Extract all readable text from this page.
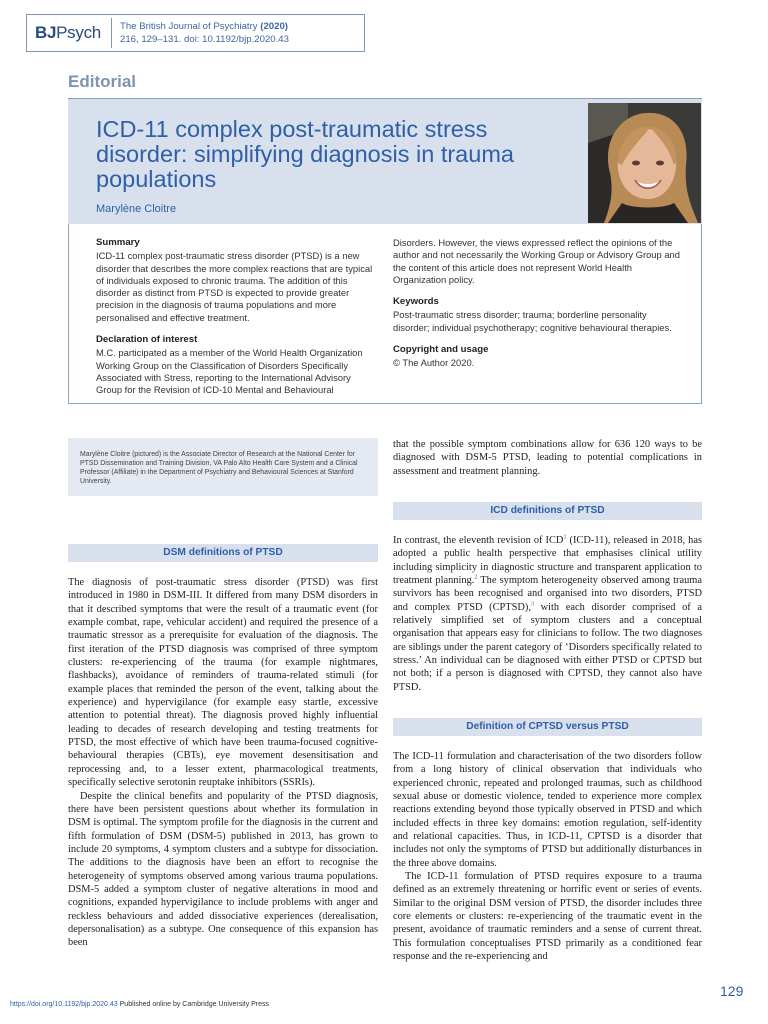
BJPsych	The British Journal of Psychiatry (2020)
216, 129–131. doi: 10.1192/bjp.2020.43
Editorial
ICD-11 complex post-traumatic stress disorder: simplifying diagnosis in trauma populations
Marylène Cloitre
Summary

ICD-11 complex post-traumatic stress disorder (PTSD) is a new disorder that describes the more complex reactions that are typical of individuals exposed to chronic trauma. The addition of this disorder as distinct from PTSD is expected to provide greater precision in the diagnosis of trauma populations and more personalised and effective treatment.

Declaration of interest

M.C. participated as a member of the World Health Organization Working Group on the Classification of Disorders Specifically Associated with Stress, reporting to the International Advisory Group for the Revision of ICD-10 Mental and Behavioural

Disorders. However, the views expressed reflect the opinions of the author and not necessarily the Working Group or Advisory Group and the content of this article does not represent World Health Organization policy.

Keywords

Post-traumatic stress disorder; trauma; borderline personality disorder; individual psychotherapy; cognitive behavioural therapies.

Copyright and usage

© The Author 2020.

Marylène Cloitre (pictured) is the Associate Director of Research at the National Center for PTSD Dissemination and Training Division, VA Palo Alto Health Care System and a Clinical Professor (Affiliate) in the Department of Psychiatry and Behavioural Sciences at Stanford University.
DSM definitions of PTSD

The diagnosis of post-traumatic stress disorder (PTSD) was first introduced in 1980 in DSM-III. It differed from many DSM disorders in that it described symptoms that were the result of a traumatic event (for example combat, rape, vehicular accident) and required the presence of a traumatic stressor as a prerequisite for evaluation of the diagnosis. The first iteration of the PTSD diagnosis was comprised of three symptom clusters: re-experiencing of the trauma (for example nightmares, flashbacks), avoidance of reminders of trauma-related stimuli (for example places that reminded the person of the event, talking about the experience) and hypervigilance (for example easy startle, excessive attention to potential threat). The diagnosis proved highly influential leading to decades of research developing and testing treatments for PTSD, the most effective of which have been trauma-focused cognitive-behavioural therapies (CBTs), eye movement desensitisation and reprocessing and, to a lesser extent, pharmacological treatments, specifically selective serotonin reuptake inhibitors (SSRIs).

Despite the clinical benefits and popularity of the PTSD diagnosis, there have been persistent questions about whether its formulation in DSM is optimal. The symptom profile for the diagnosis in the current and fifth formulation of DSM (DSM-5) published in 2013, has grown to include 20 symptoms, 4 symptom clusters and a subtype for dissociation. The additions to the diagnosis have been an effort to recognise the heterogeneity of symptoms observed among various trauma populations. DSM-5 added a symptom cluster of negative alterations in mood and cognitions, expanded hypervigilance to include problems with anger and reckless behaviours and added dissociative experiences (derealisation, depersonalisation) as a subtype. One consequence of this expansion has been

that the possible symptom combinations allow for 636 120 ways to be diagnosed with DSM-5 PTSD, leading to potential complications in assessment and treatment planning.

ICD definitions of PTSD

In contrast, the eleventh revision of ICD$^1$ (ICD-11), released in 2018, has adopted a public health perspective that emphasises clinical utility including simplicity in diagnostic structure and transparent application to treatment planning.$^2$ The symptom heterogeneity observed among trauma survivors has been recognised and organised into two disorders, PTSD and complex PTSD (CPTSD),$^3$ with each disorder comprised of a relatively simplified set of symptom clusters and a conceptual organisation that appears easy for clinicians to follow. The two diagnoses are siblings under the parent category of ‘Disorders specifically related to stress.’ An individual can be diagnosed with either PTSD or CPTSD but not both; if a person is diagnosed with CPTSD, they cannot also have PTSD.

Definition of CPTSD versus PTSD

The ICD-11 formulation and characterisation of the two disorders follow from a long history of clinical observation that individuals who experienced chronic, repeated and prolonged traumas, such as childhood sexual abuse or domestic violence, tended to experience more complex reactions extending beyond those typically observed in PTSD and which included effects in three key domains: emotion regulation, self-identity and relational capacities. Thus, in ICD-11, CPTSD is a disorder that includes not only the symptoms of PTSD but additionally disturbances in the three above domains.

The ICD-11 formulation of PTSD requires exposure to a trauma defined as an extremely threatening or horrific event or series of events. Similar to the original DSM version of PTSD, the disorder includes three core elements or clusters: re-experiencing of the traumatic event in the present, avoidance of traumatic reminders and a sense of current threat. This formulation conceptualises PTSD primarily as a conditioned fear response and the re-experiencing and

https://doi.org/10.1192/bjp.2020.43 Published online by Cambridge University Press
129
